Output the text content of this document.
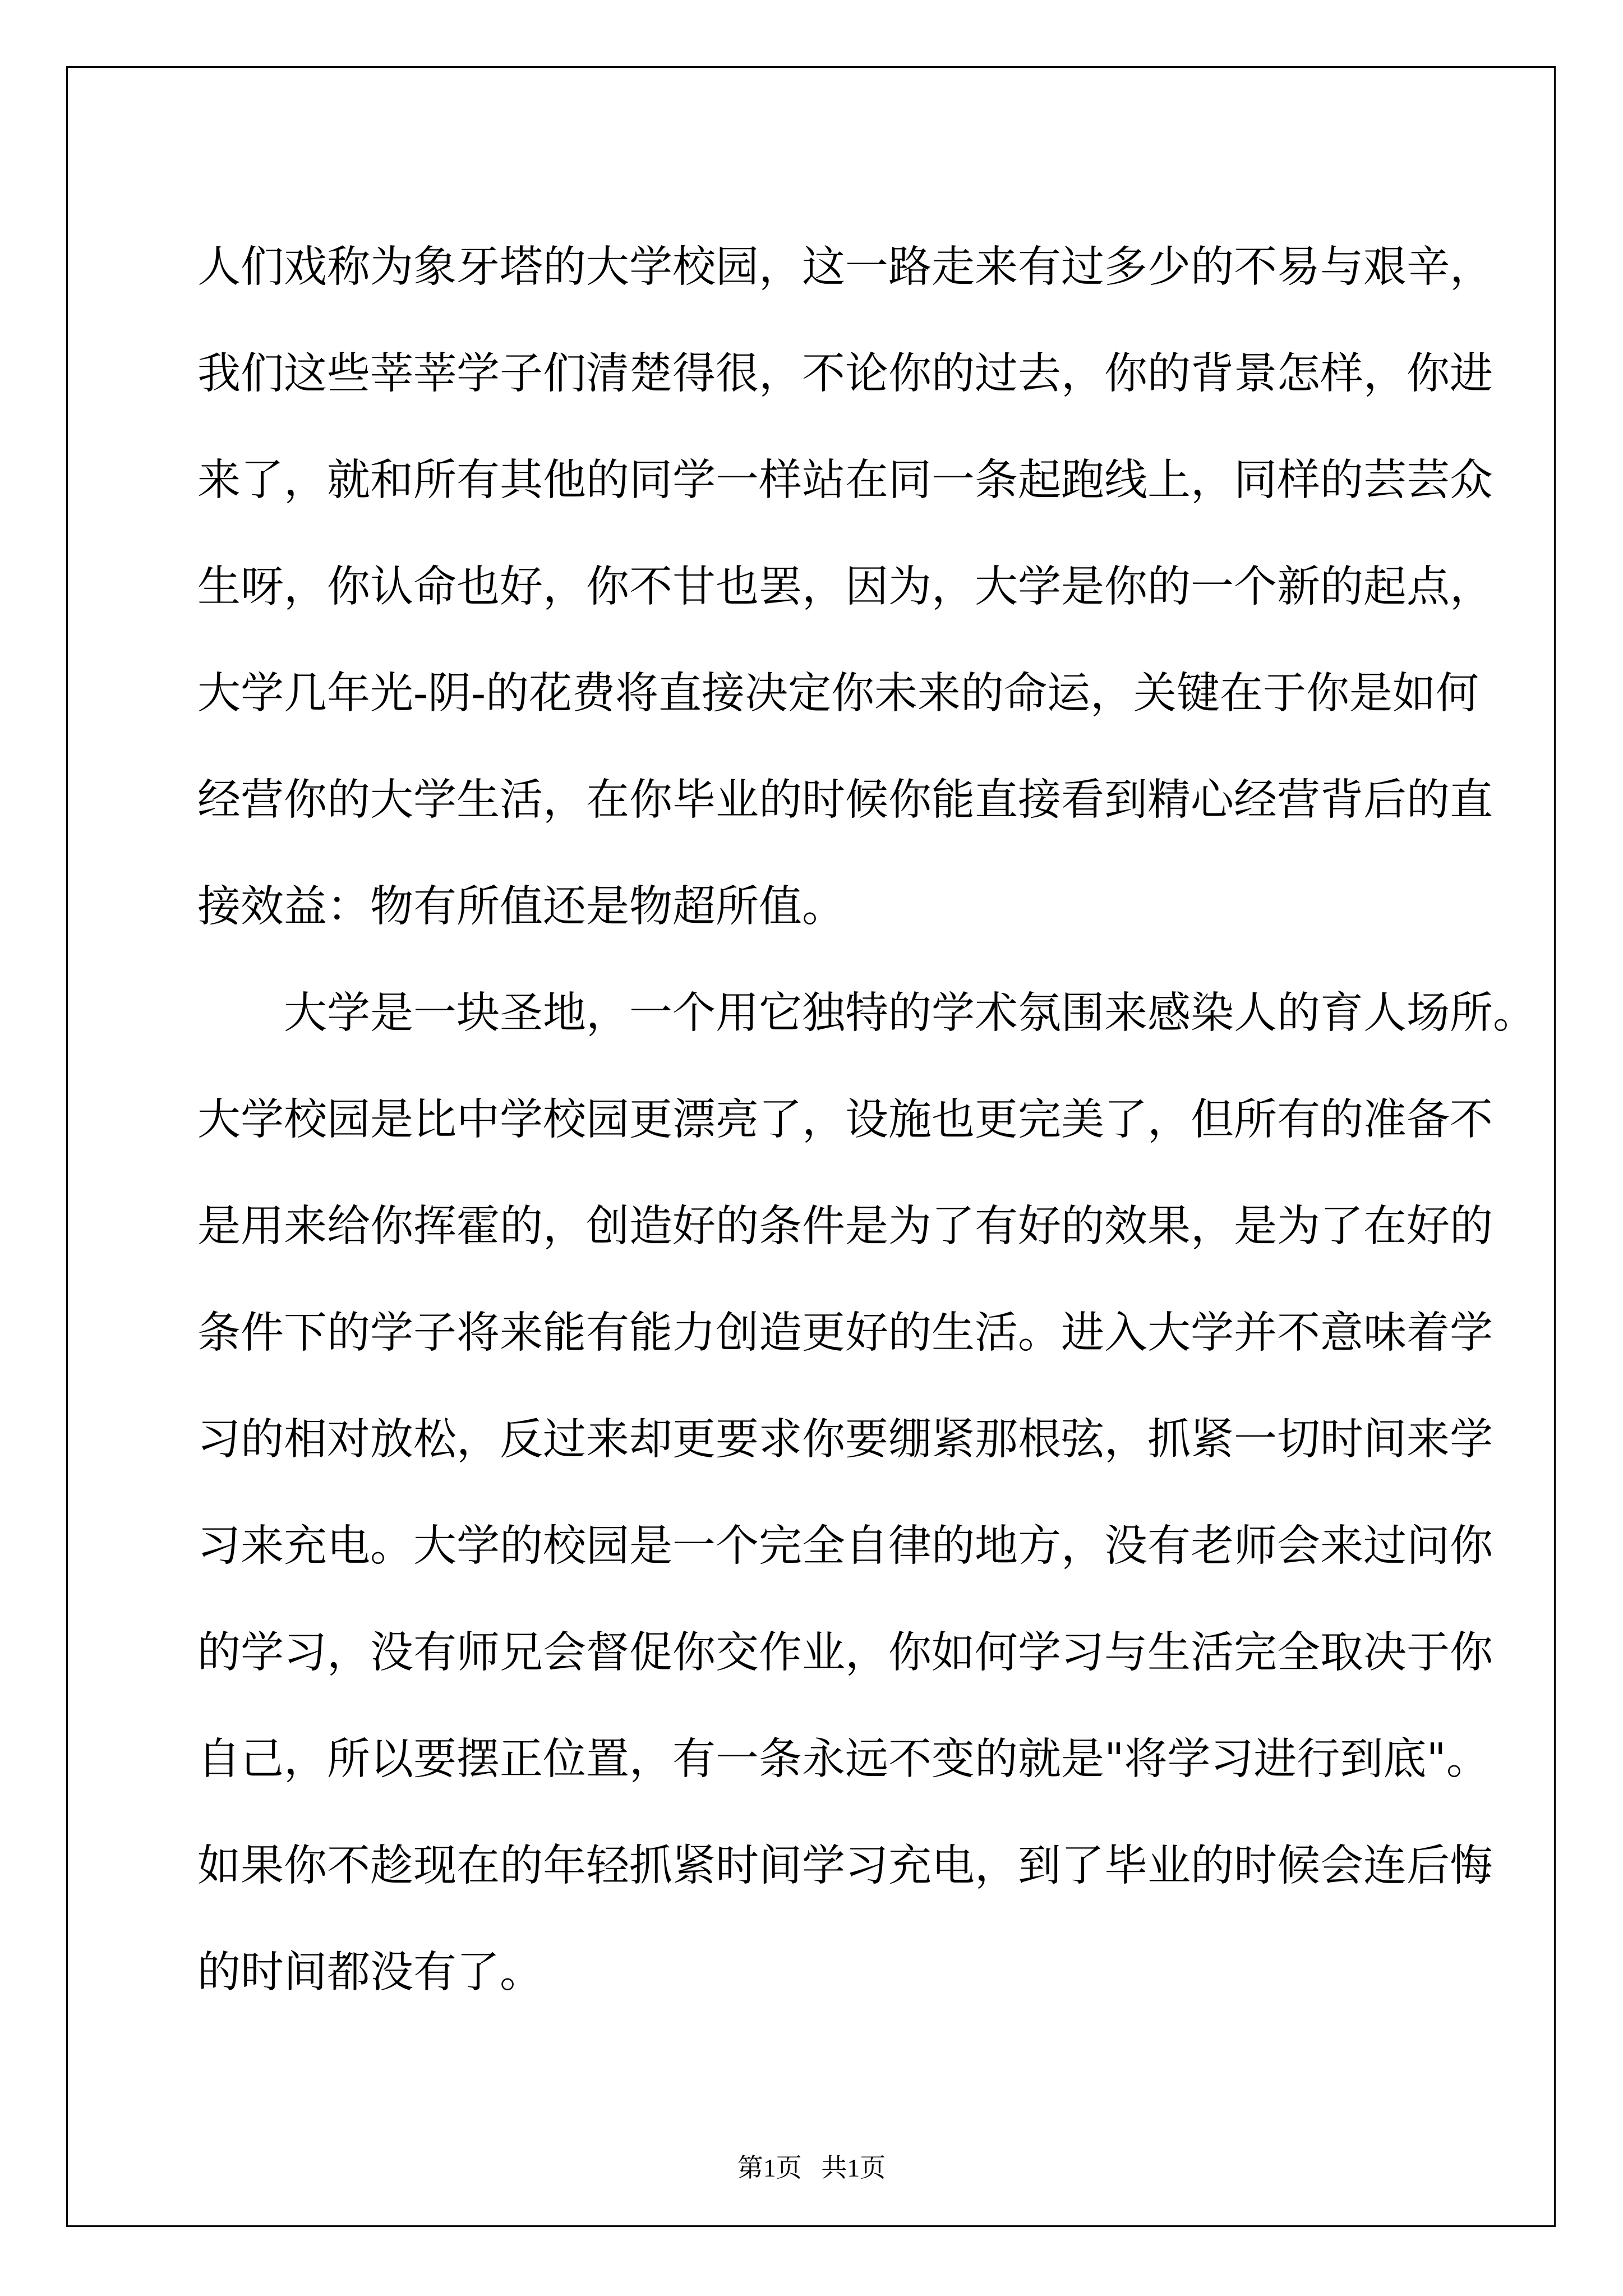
人们戏称为象牙塔的大学校园，这一路走来有过多少的不易与艰辛，
我们这些莘莘学子们清楚得很，不论你的过去，你的背景怎样，你进
来了，就和所有其他的同学一样站在同一条起跑线上，同样的芸芸众
生呀，你认命也好，你不甘也罢，因为，大学是你的一个新的起点，
大学几年光-阴-的花费将直接决定你未来的命运，关键在于你是如何
经营你的大学生活，在你毕业的时候你能直接看到精心经营背后的直
接效益：物有所值还是物超所值。

大学是一块圣地，一个用它独特的学术氛围来感染人的育人场所。
大学校园是比中学校园更漂亮了，设施也更完美了，但所有的准备不
是用来给你挥霍的，创造好的条件是为了有好的效果，是为了在好的
条件下的学子将来能有能力创造更好的生活。进入大学并不意味着学
习的相对放松，反过来却更要求你要绷紧那根弦，抓紧一切时间来学
习来充电。大学的校园是一个完全自律的地方，没有老师会来过问你
的学习，没有师兄会督促你交作业，你如何学习与生活完全取决于你
自己，所以要摆正位置，有一条永远不变的就是"将学习进行到底"。
如果你不趁现在的年轻抓紧时间学习充电，到了毕业的时候会连后悔
的时间都没有了。

第1页   共1页
